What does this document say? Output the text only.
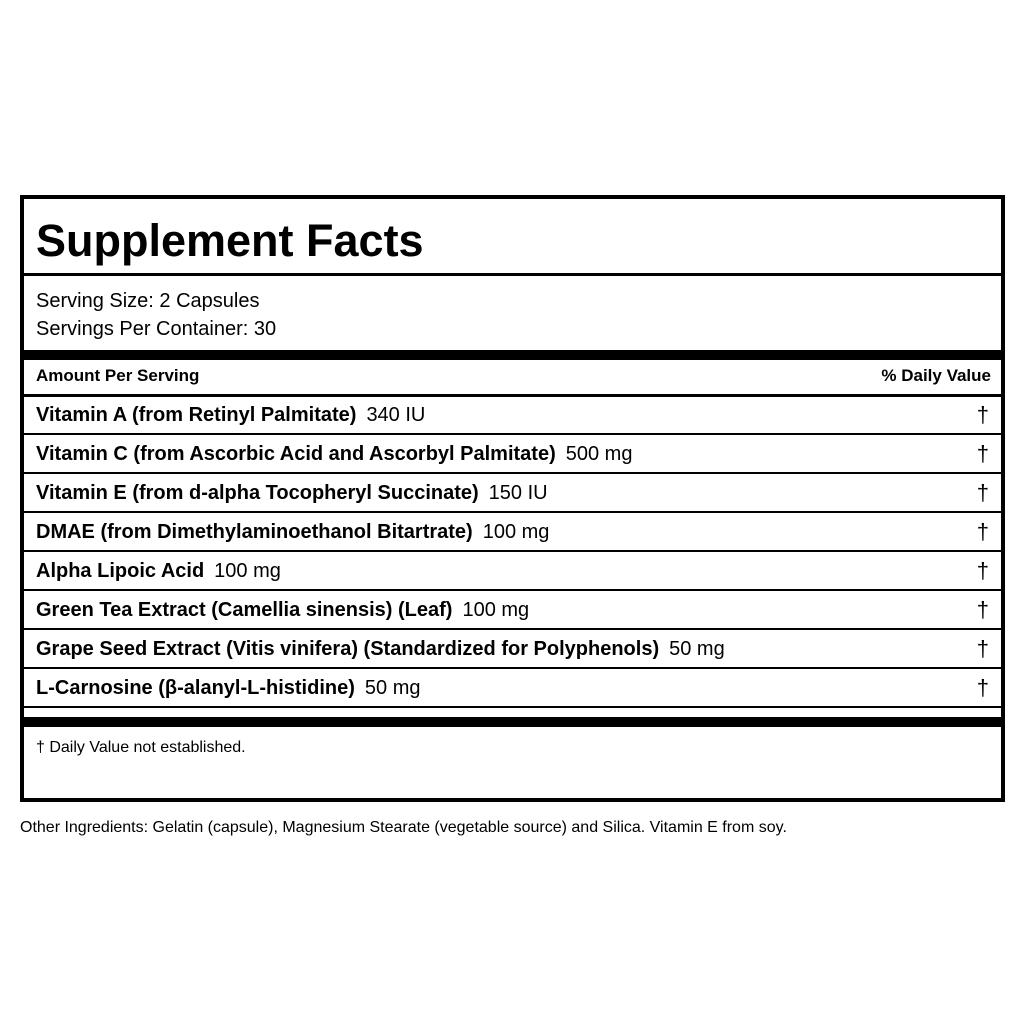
Supplement Facts
Serving Size: 2 Capsules
Servings Per Container: 30
Amount Per Serving	% Daily Value
Vitamin A (from Retinyl Palmitate) 340 IU	†
Vitamin C (from Ascorbic Acid and Ascorbyl Palmitate) 500 mg	†
Vitamin E (from d-alpha Tocopheryl Succinate) 150 IU	†
DMAE (from Dimethylaminoethanol Bitartrate) 100 mg	†
Alpha Lipoic Acid 100 mg	†
Green Tea Extract (Camellia sinensis) (Leaf) 100 mg	†
Grape Seed Extract (Vitis vinifera) (Standardized for Polyphenols) 50 mg	†
L-Carnosine (β-alanyl-L-histidine) 50 mg	†
† Daily Value not established.
Other Ingredients: Gelatin (capsule), Magnesium Stearate (vegetable source) and Silica. Vitamin E from soy.
